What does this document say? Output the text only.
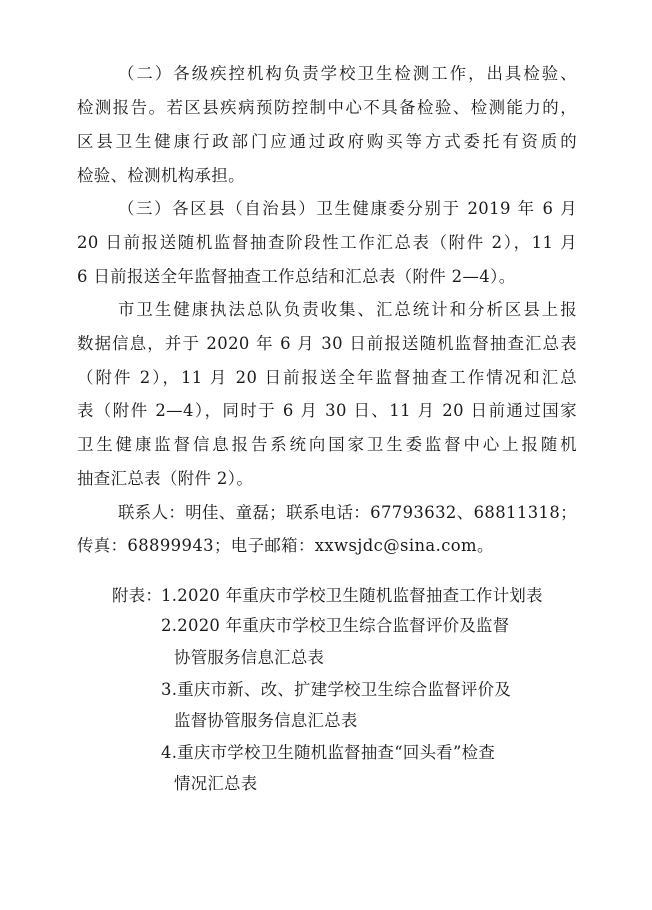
（二）各级疾控机构负责学校卫生检测工作，出具检验、
检测报告。若区县疾病预防控制中心不具备检验、检测能力的，
区县卫生健康行政部门应通过政府购买等方式委托有资质的
检验、检测机构承担。
（三）各区县（自治县）卫生健康委分别于 2019 年 6 月
20 日前报送随机监督抽查阶段性工作汇总表（附件 2），11 月
6 日前报送全年监督抽查工作总结和汇总表（附件 2—4）。
市卫生健康执法总队负责收集、汇总统计和分析区县上报
数据信息，并于 2020 年 6 月 30 日前报送随机监督抽查汇总表
（附件 2），11 月 20 日前报送全年监督抽查工作情况和汇总
表（附件 2—4），同时于 6 月 30 日、11 月 20 日前通过国家
卫生健康监督信息报告系统向国家卫生委监督中心上报随机
抽查汇总表（附件 2）。
联系人：明佳、童磊；联系电话：67793632、68811318；
传真：68899943；电子邮箱：xxwsjdc@sina.com。
附表：
1.2020 年重庆市学校卫生随机监督抽查工作计划表
2.2020 年重庆市学校卫生综合监督评价及监督
协管服务信息汇总表
3.重庆市新、改、扩建学校卫生综合监督评价及
监督协管服务信息汇总表
4.重庆市学校卫生随机监督抽查“回头看”检查
情况汇总表
